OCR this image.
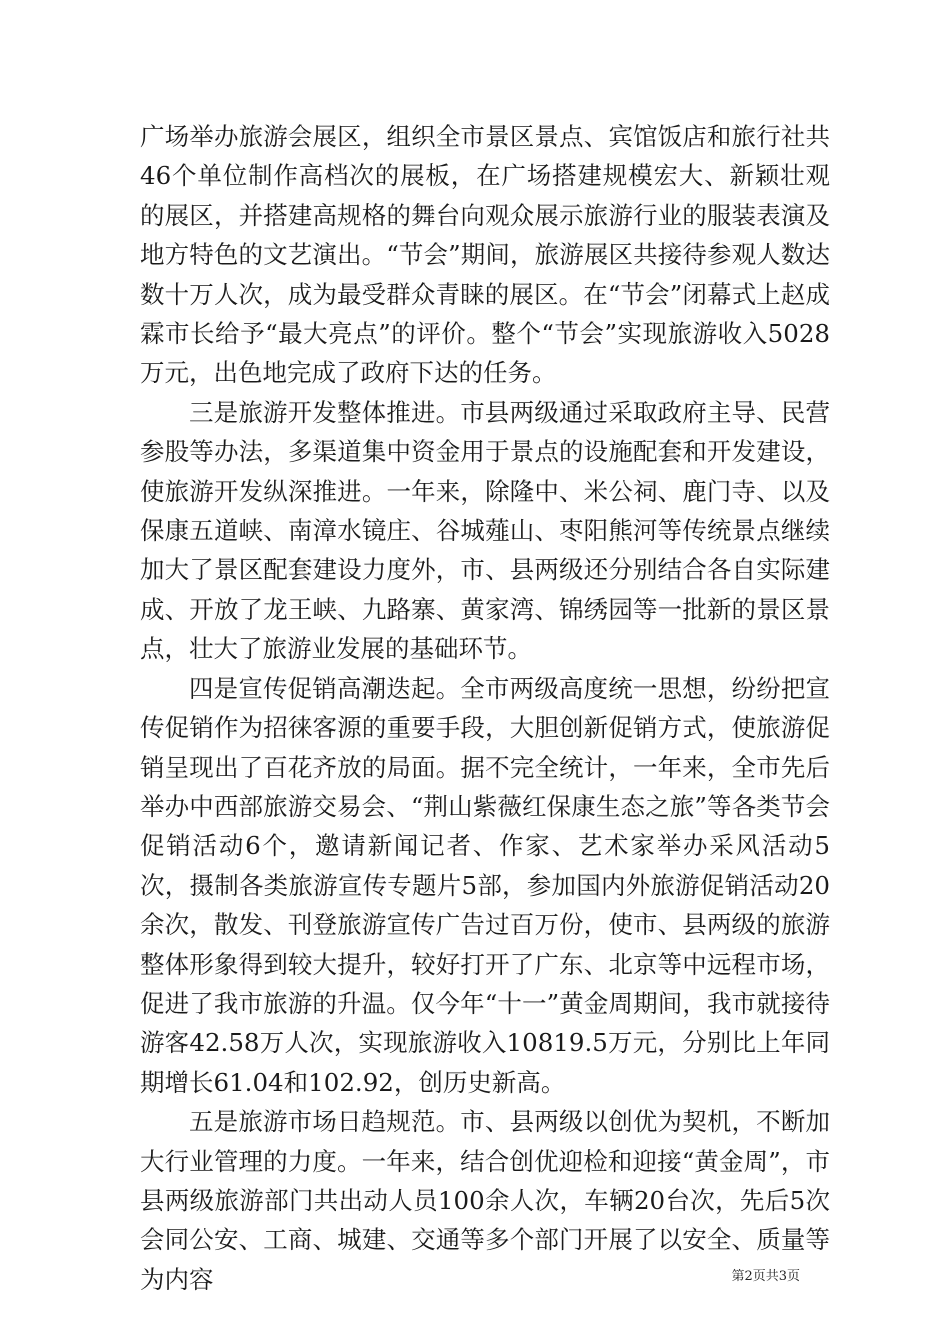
广场举办旅游会展区，组织全市景区景点、宾馆饭店和旅行社共46个单位制作高档次的展板，在广场搭建规模宏大、新颖壮观的展区，并搭建高规格的舞台向观众展示旅游行业的服装表演及地方特色的文艺演出。“节会”期间，旅游展区共接待参观人数达数十万人次，成为最受群众青睐的展区。在“节会”闭幕式上赵成霖市长给予“最大亮点”的评价。整个“节会”实现旅游收入5028万元，出色地完成了政府下达的任务。

三是旅游开发整体推进。市县两级通过采取政府主导、民营参股等办法，多渠道集中资金用于景点的设施配套和开发建设，使旅游开发纵深推进。一年来，除隆中、米公祠、鹿门寺、以及保康五道峡、南漳水镜庄、谷城薤山、枣阳熊河等传统景点继续加大了景区配套建设力度外，市、县两级还分别结合各自实际建成、开放了龙王峡、九路寨、黄家湾、锦绣园等一批新的景区景点，壮大了旅游业发展的基础环节。

四是宣传促销高潮迭起。全市两级高度统一思想，纷纷把宣传促销作为招徕客源的重要手段，大胆创新促销方式，使旅游促销呈现出了百花齐放的局面。据不完全统计，一年来，全市先后举办中西部旅游交易会、“荆山紫薇红保康生态之旅”等各类节会促销活动6个，邀请新闻记者、作家、艺术家举办采风活动5次，摄制各类旅游宣传专题片5部，参加国内外旅游促销活动20余次，散发、刊登旅游宣传广告过百万份，使市、县两级的旅游整体形象得到较大提升，较好打开了广东、北京等中远程市场，促进了我市旅游的升温。仅今年“十一”黄金周期间，我市就接待游客42.58万人次，实现旅游收入10819.5万元，分别比上年同期增长61.04和102.92，创历史新高。

五是旅游市场日趋规范。市、县两级以创优为契机，不断加大行业管理的力度。一年来，结合创优迎检和迎接“黄金周”，市县两级旅游部门共出动人员100余人次，车辆20台次，先后5次会同公安、工商、城建、交通等多个部门开展了以安全、质量等为内容	第2页共3页
